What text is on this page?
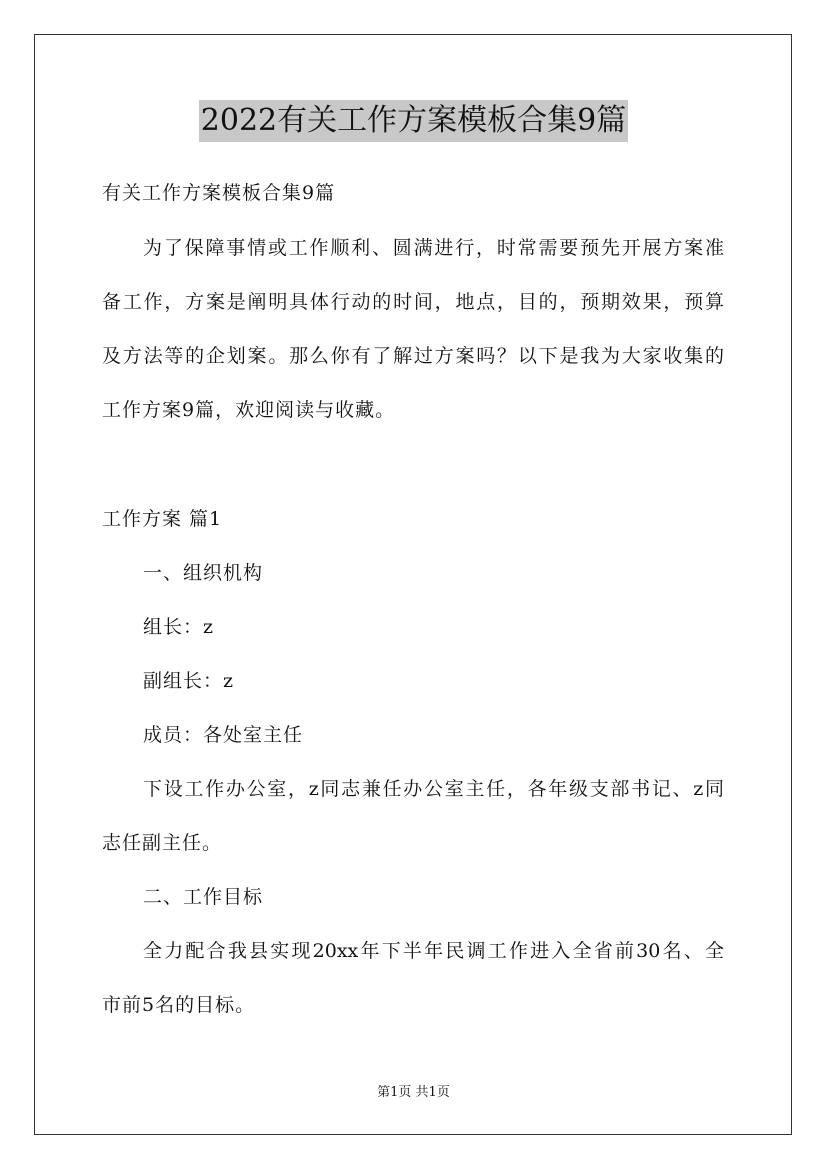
2022有关工作方案模板合集9篇
有关工作方案模板合集9篇
为了保障事情或工作顺利、圆满进行，时常需要预先开展方案准
备工作，方案是阐明具体行动的时间，地点，目的，预期效果，预算
及方法等的企划案。那么你有了解过方案吗？以下是我为大家收集的
工作方案9篇，欢迎阅读与收藏。
工作方案 篇1
一、组织机构
组长：z
副组长：z
成员：各处室主任
下设工作办公室，z同志兼任办公室主任，各年级支部书记、z同
志任副主任。
二、工作目标
全力配合我县实现20xx年下半年民调工作进入全省前30名、全
市前5名的目标。
第1页 共1页
